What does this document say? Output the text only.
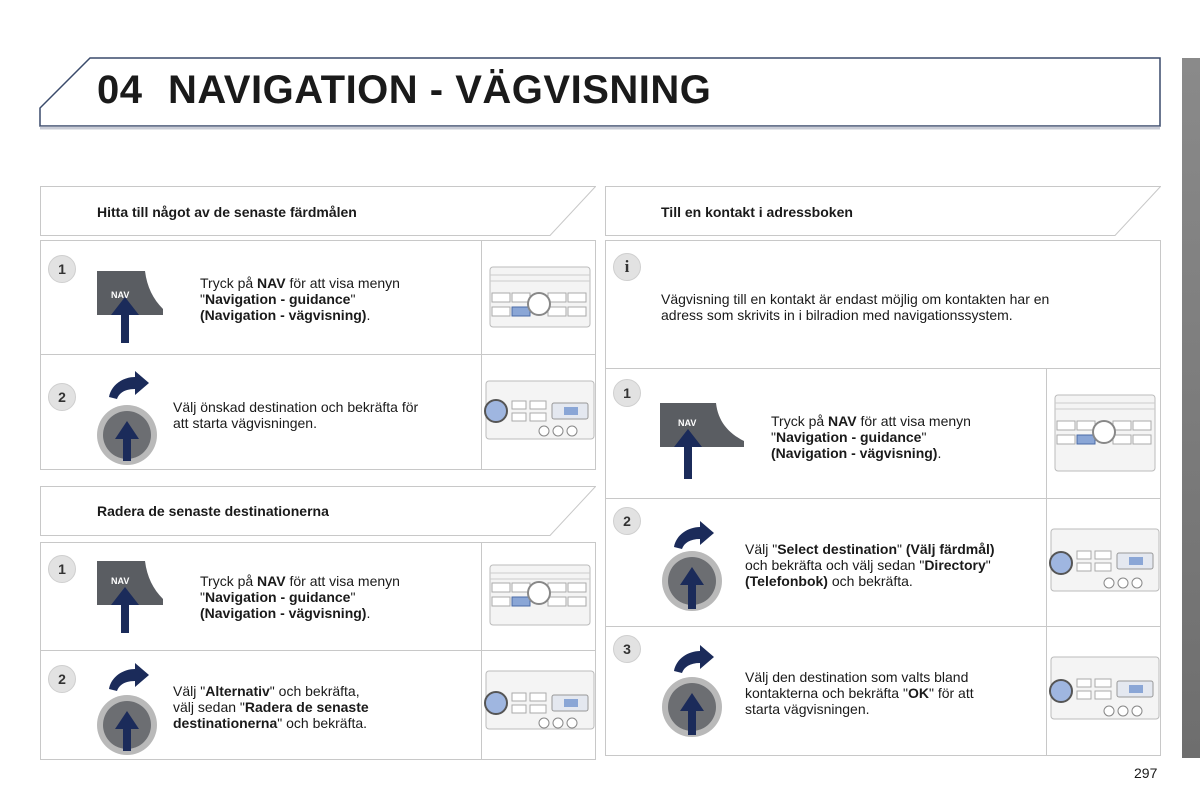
04 NAVIGATION - VÄGVISNING
Hitta till något av de senaste färdmålen
1
NAV
Tryck på NAV för att visa menyn
"Navigation - guidance"
(Navigation - vägvisning).
2
Välj önskad destination och bekräfta för
att starta vägvisningen.
Radera de senaste destinationerna
1
NAV	Tryck på NAV för att visa menyn
"Navigation - guidance"
(Navigation - vägvisning).
2
Välj "Alternativ" och bekräfta,
välj sedan "Radera de senaste
destinationerna" och bekräfta.
Till en kontakt i adressboken
i
Vägvisning till en kontakt är endast möjlig om kontakten har en
adress som skrivits in i bilradion med navigationssystem.
1
NAV	Tryck på NAV för att visa menyn
"Navigation - guidance"
(Navigation - vägvisning).
2
Välj "Select destination" (Välj färdmål)
och bekräfta och välj sedan "Directory"
(Telefonbok) och bekräfta.
3
Välj den destination som valts bland
kontakterna och bekräfta "OK" för att
starta vägvisningen.
297
